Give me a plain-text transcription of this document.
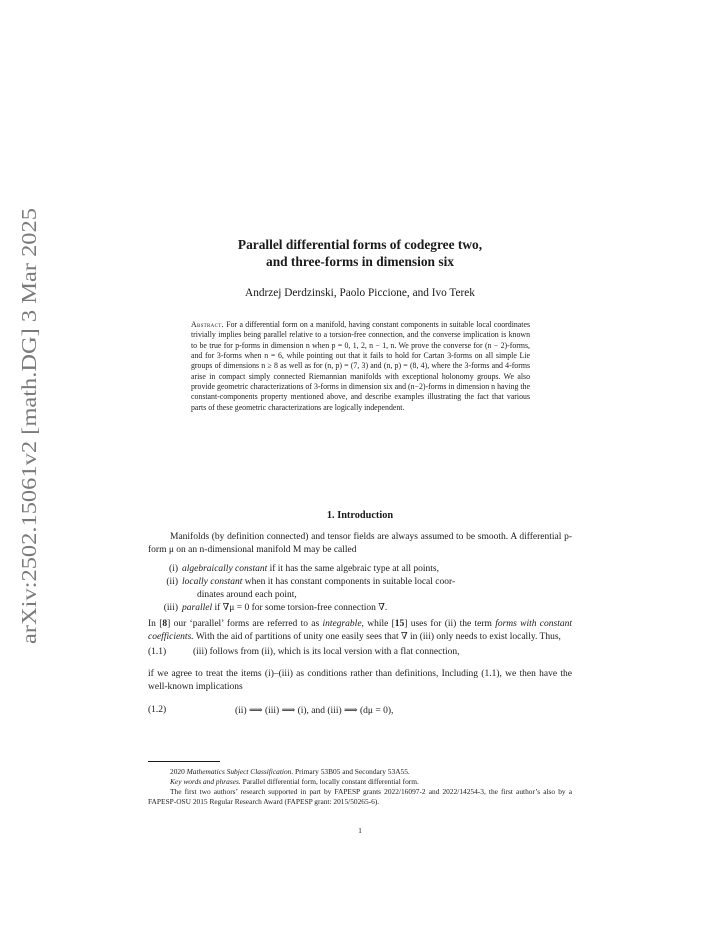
arXiv:2502.15061v2 [math.DG] 3 Mar 2025
Parallel differential forms of codegree two,
and three-forms in dimension six
Andrzej Derdzinski, Paolo Piccione, and Ivo Terek
Abstract. For a differential form on a manifold, having constant components in suitable local coordinates trivially implies being parallel relative to a torsion-free connection, and the converse implication is known to be true for p-forms in dimension n when p = 0, 1, 2, n − 1, n. We prove the converse for (n − 2)-forms, and for 3-forms when n = 6, while pointing out that it fails to hold for Cartan 3-forms on all simple Lie groups of dimensions n ≥ 8 as well as for (n, p) = (7, 3) and (n, p) = (8, 4), where the 3-forms and 4-forms arise in compact simply connected Riemannian manifolds with exceptional holonomy groups. We also provide geometric characterizations of 3-forms in dimension six and (n−2)-forms in dimension n having the constant-components property mentioned above, and describe examples illustrating the fact that various parts of these geometric characterizations are logically independent.
1. Introduction
Manifolds (by definition connected) and tensor fields are always assumed to be smooth. A differential p-form μ on an n-dimensional manifold M may be called
(i) algebraically constant if it has the same algebraic type at all points,
(ii) locally constant when it has constant components in suitable local coor-
dinates around each point,
(iii) parallel if ∇μ = 0 for some torsion-free connection ∇.
In [8] our ‘parallel’ forms are referred to as integrable, while [15] uses for (ii) the term forms with constant coefficients. With the aid of partitions of unity one easily sees that ∇ in (iii) only needs to exist locally. Thus,
(1.1)	(iii) follows from (ii), which is its local version with a flat connection,
if we agree to treat the items (i)–(iii) as conditions rather than definitions, Including (1.1), we then have the well-known implications
(1.2)	(ii) ⟹ (iii) ⟹ (i), and (iii) ⟹ (dμ = 0),
2020 Mathematics Subject Classification. Primary 53B05 and Secondary 53A55.
Key words and phrases. Parallel differential form, locally constant differential form.
The first two authors’ research supported in part by FAPESP grants 2022/16097-2 and 2022/14254-3, the first author’s also by a FAPESP-OSU 2015 Regular Research Award (FAPESP grant: 2015/50265-6).
1
